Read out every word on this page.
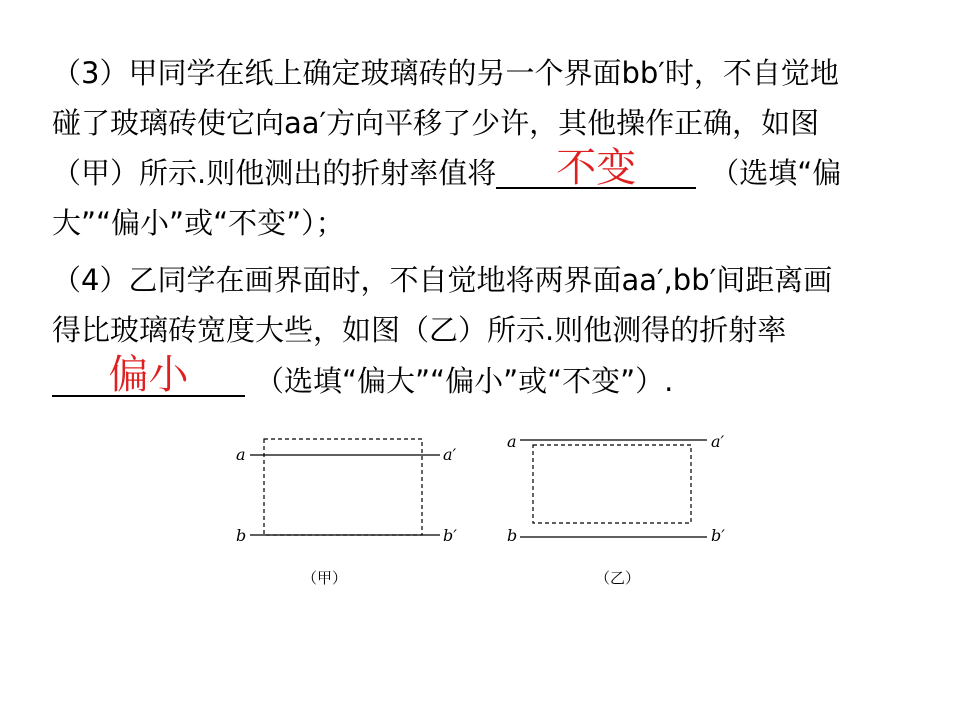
（3）甲同学在纸上确定玻璃砖的另一个界面bb′时，不自觉地
碰了玻璃砖使它向aa′方向平移了少许，其他操作正确，如图
（甲）所示.则他测出的折射率值将	不变	（选填“偏
大”“偏小”或“不变”）；
（4）乙同学在画界面时，不自觉地将两界面aa′,bb′间距离画
得比玻璃砖宽度大些，如图（乙）所示.则他测得的折射率
偏小	（选填“偏大”“偏小”或“不变”）.
a	a′
b	b′
（甲）
a	a′
b	b′
（乙）
